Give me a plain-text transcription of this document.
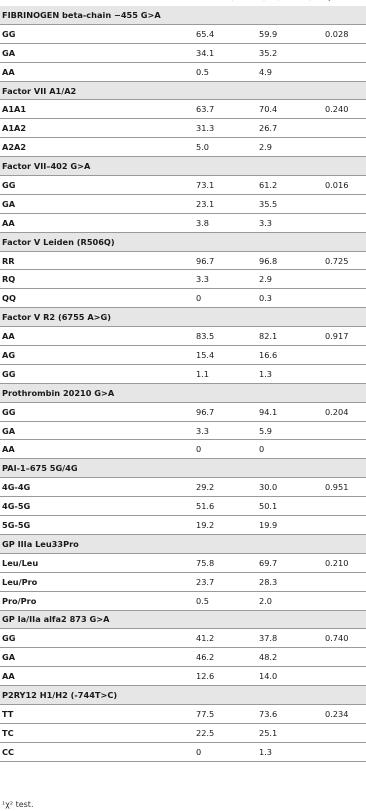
FIBRINOGEN beta-chain −455 G>A			
GG	65.4	59.9	0.028
GA	34.1	35.2	
AA	0.5	4.9	
Factor VII A1/A2			
A1A1	63.7	70.4	0.240
A1A2	31.3	26.7	
A2A2	5.0	2.9	
Factor VII–402 G>A			
GG	73.1	61.2	0.016
GA	23.1	35.5	
AA	3.8	3.3	
Factor V Leiden (R506Q)			
RR	96.7	96.8	0.725
RQ	3.3	2.9	
QQ	0	0.3	
Factor V R2 (6755 A>G)			
AA	83.5	82.1	0.917
AG	15.4	16.6	
GG	1.1	1.3	
Prothrombin 20210 G>A			
GG	96.7	94.1	0.204
GA	3.3	5.9	
AA	0	0	
PAI-1–675 5G/4G			
4G-4G	29.2	30.0	0.951
4G-5G	51.6	50.1	
5G-5G	19.2	19.9	
GP IIIa Leu33Pro			
Leu/Leu	75.8	69.7	0.210
Leu/Pro	23.7	28.3	
Pro/Pro	0.5	2.0	
GP Ia/IIa alfa2 873 G>A			
GG	41.2	37.8	0.740
GA	46.2	48.2	
AA	12.6	14.0	
P2RY12 H1/H2 (-744T>C)			
TT	77.5	73.6	0.234
TC	22.5	25.1	
CC	0	1.3	
¹χ² test.
